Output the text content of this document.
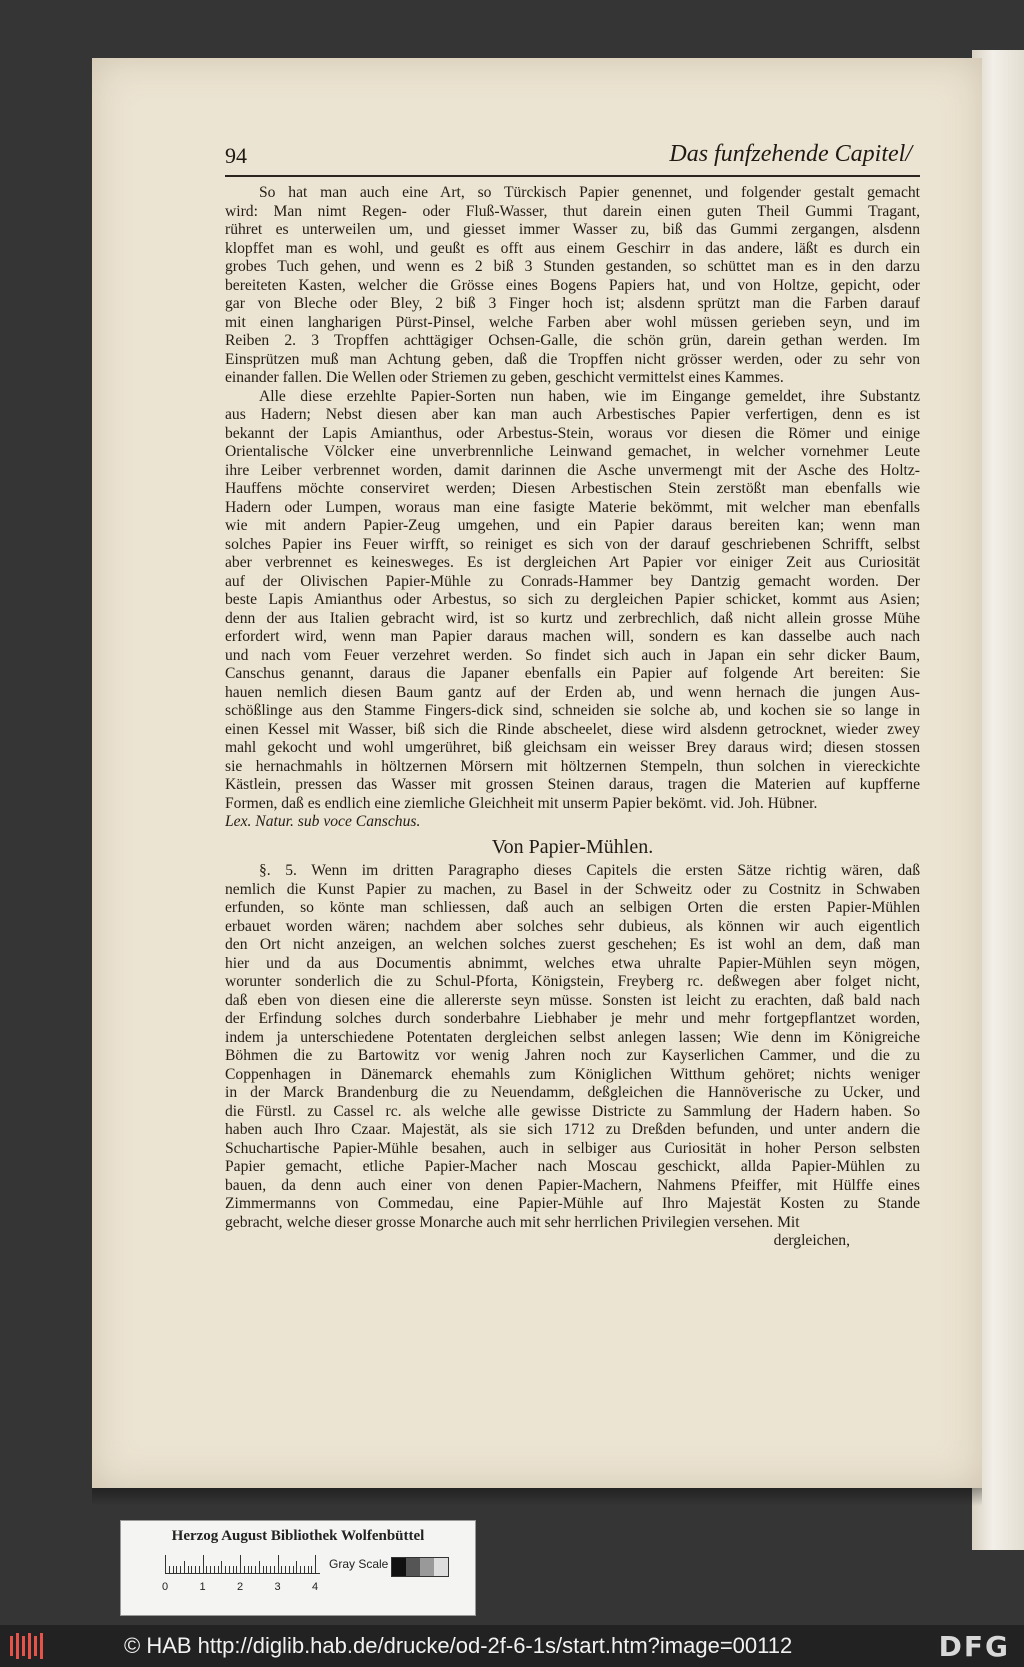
94	Das funfzehende Capitel/
So hat man auch eine Art, so Türckisch Papier genennet, und folgender gestalt gemacht
wird: Man nimt Regen- oder Fluß-Wasser, thut darein einen guten Theil Gummi Tragant,
rühret es unterweilen um, und giesset immer Wasser zu, biß das Gummi zergangen, alsdenn
klopffet man es wohl, und geußt es offt aus einem Geschirr in das andere, läßt es durch ein
grobes Tuch gehen, und wenn es 2 biß 3 Stunden gestanden, so schüttet man es in den darzu
bereiteten Kasten, welcher die Grösse eines Bogens Papiers hat, und von Holtze, gepicht, oder
gar von Bleche oder Bley, 2 biß 3 Finger hoch ist; alsdenn sprützt man die Farben darauf
mit einen langharigen Pürst-Pinsel, welche Farben aber wohl müssen gerieben seyn, und im
Reiben 2. 3 Tropffen achttägiger Ochsen-Galle, die schön grün, darein gethan werden. Im
Einsprützen muß man Achtung geben, daß die Tropffen nicht grösser werden, oder zu sehr von
einander fallen. Die Wellen oder Striemen zu geben, geschicht vermittelst eines Kammes.
Alle diese erzehlte Papier-Sorten nun haben, wie im Eingange gemeldet, ihre Substantz
aus Hadern; Nebst diesen aber kan man auch Arbestisches Papier verfertigen, denn es ist
bekannt der Lapis Amianthus, oder Arbestus-Stein, woraus vor diesen die Römer und einige
Orientalische Völcker eine unverbrennliche Leinwand gemachet, in welcher vornehmer Leute
ihre Leiber verbrennet worden, damit darinnen die Asche unvermengt mit der Asche des Holtz-
Hauffens möchte conserviret werden; Diesen Arbestischen Stein zerstößt man ebenfalls wie
Hadern oder Lumpen, woraus man eine fasigte Materie bekömmt, mit welcher man ebenfalls
wie mit andern Papier-Zeug umgehen, und ein Papier daraus bereiten kan; wenn man
solches Papier ins Feuer wirfft, so reiniget es sich von der darauf geschriebenen Schrifft, selbst
aber verbrennet es keinesweges. Es ist dergleichen Art Papier vor einiger Zeit aus Curiosität
auf der Olivischen Papier-Mühle zu Conrads-Hammer bey Dantzig gemacht worden. Der
beste Lapis Amianthus oder Arbestus, so sich zu dergleichen Papier schicket, kommt aus Asien;
denn der aus Italien gebracht wird, ist so kurtz und zerbrechlich, daß nicht allein grosse Mühe
erfordert wird, wenn man Papier daraus machen will, sondern es kan dasselbe auch nach
und nach vom Feuer verzehret werden. So findet sich auch in Japan ein sehr dicker Baum,
Canschus genannt, daraus die Japaner ebenfalls ein Papier auf folgende Art bereiten: Sie
hauen nemlich diesen Baum gantz auf der Erden ab, und wenn hernach die jungen Aus-
schößlinge aus den Stamme Fingers-dick sind, schneiden sie solche ab, und kochen sie so lange in
einen Kessel mit Wasser, biß sich die Rinde abscheelet, diese wird alsdenn getrocknet, wieder zwey
mahl gekocht und wohl umgerühret, biß gleichsam ein weisser Brey daraus wird; diesen stossen
sie hernachmahls in höltzernen Mörsern mit höltzernen Stempeln, thun solchen in viereckichte
Kästlein, pressen das Wasser mit grossen Steinen daraus, tragen die Materien auf kupfferne
Formen, daß es endlich eine ziemliche Gleichheit mit unserm Papier bekömt. vid. Joh. Hübner.
Lex. Natur. sub voce Canschus.
Von Papier-Mühlen.
§. 5. Wenn im dritten Paragrapho dieses Capitels die ersten Sätze richtig wären, daß
nemlich die Kunst Papier zu machen, zu Basel in der Schweitz oder zu Costnitz in Schwaben
erfunden, so könte man schliessen, daß auch an selbigen Orten die ersten Papier-Mühlen
erbauet worden wären; nachdem aber solches sehr dubieus, als können wir auch eigentlich
den Ort nicht anzeigen, an welchen solches zuerst geschehen; Es ist wohl an dem, daß man
hier und da aus Documentis abnimmt, welches etwa uhralte Papier-Mühlen seyn mögen,
worunter sonderlich die zu Schul-Pforta, Königstein, Freyberg rc. deßwegen aber folget nicht,
daß eben von diesen eine die allererste seyn müsse. Sonsten ist leicht zu erachten, daß bald nach
der Erfindung solches durch sonderbahre Liebhaber je mehr und mehr fortgepflantzet worden,
indem ja unterschiedene Potentaten dergleichen selbst anlegen lassen; Wie denn im Königreiche
Böhmen die zu Bartowitz vor wenig Jahren noch zur Kayserlichen Cammer, und die zu
Coppenhagen in Dänemarck ehemahls zum Königlichen Witthum gehöret; nichts weniger
in der Marck Brandenburg die zu Neuendamm, deßgleichen die Hannöverische zu Ucker, und
die Fürstl. zu Cassel rc. als welche alle gewisse Districte zu Sammlung der Hadern haben. So
haben auch Ihro Czaar. Majestät, als sie sich 1712 zu Dreßden befunden, und unter andern die
Schuchartische Papier-Mühle besahen, auch in selbiger aus Curiosität in hoher Person selbsten
Papier gemacht, etliche Papier-Macher nach Moscau geschickt, allda Papier-Mühlen zu
bauen, da denn auch einer von denen Papier-Machern, Nahmens Pfeiffer, mit Hülffe eines
Zimmermanns von Commedau, eine Papier-Mühle auf Ihro Majestät Kosten zu Stande
gebracht, welche dieser grosse Monarche auch mit sehr herrlichen Privilegien versehen. Mit
dergleichen,
Herzog August Bibliothek Wolfenbüttel
0	1	2	3	4
Gray Scale
© HAB http://diglib.hab.de/drucke/od-2f-6-1s/start.htm?image=00112	DFG
